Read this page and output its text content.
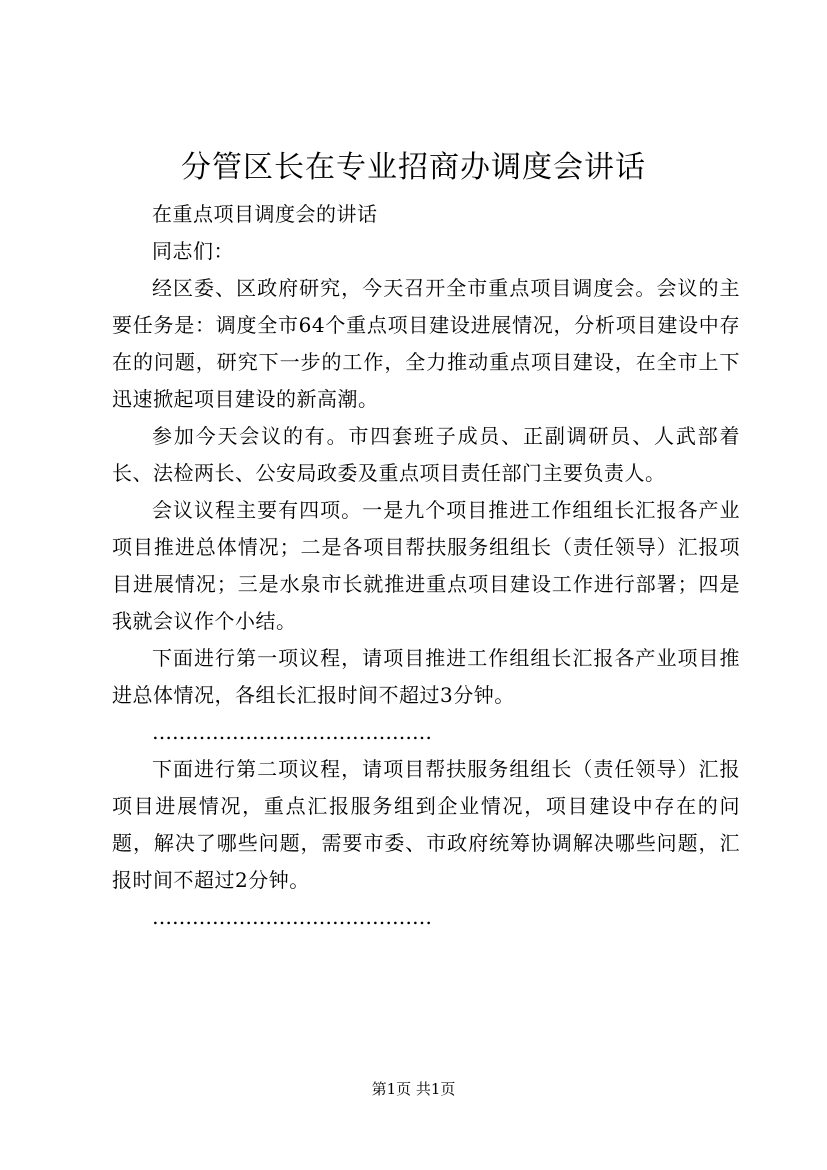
分管区长在专业招商办调度会讲话

在重点项目调度会的讲话

同志们：

经区委、区政府研究，今天召开全市重点项目调度会。会议的主要任务是：调度全市64个重点项目建设进展情况，分析项目建设中存在的问题，研究下一步的工作，全力推动重点项目建设，在全市上下迅速掀起项目建设的新高潮。

参加今天会议的有。市四套班子成员、正副调研员、人武部着长、法检两长、公安局政委及重点项目责任部门主要负责人。

会议议程主要有四项。一是九个项目推进工作组组长汇报各产业项目推进总体情况；二是各项目帮扶服务组组长（责任领导）汇报项目进展情况；三是水泉市长就推进重点项目建设工作进行部署；四是我就会议作个小结。

下面进行第一项议程，请项目推进工作组组长汇报各产业项目推进总体情况，各组长汇报时间不超过3分钟。

……………………………………

下面进行第二项议程，请项目帮扶服务组组长（责任领导）汇报项目进展情况，重点汇报服务组到企业情况，项目建设中存在的问题，解决了哪些问题，需要市委、市政府统筹协调解决哪些问题，汇报时间不超过2分钟。

……………………………………

第1页 共1页
